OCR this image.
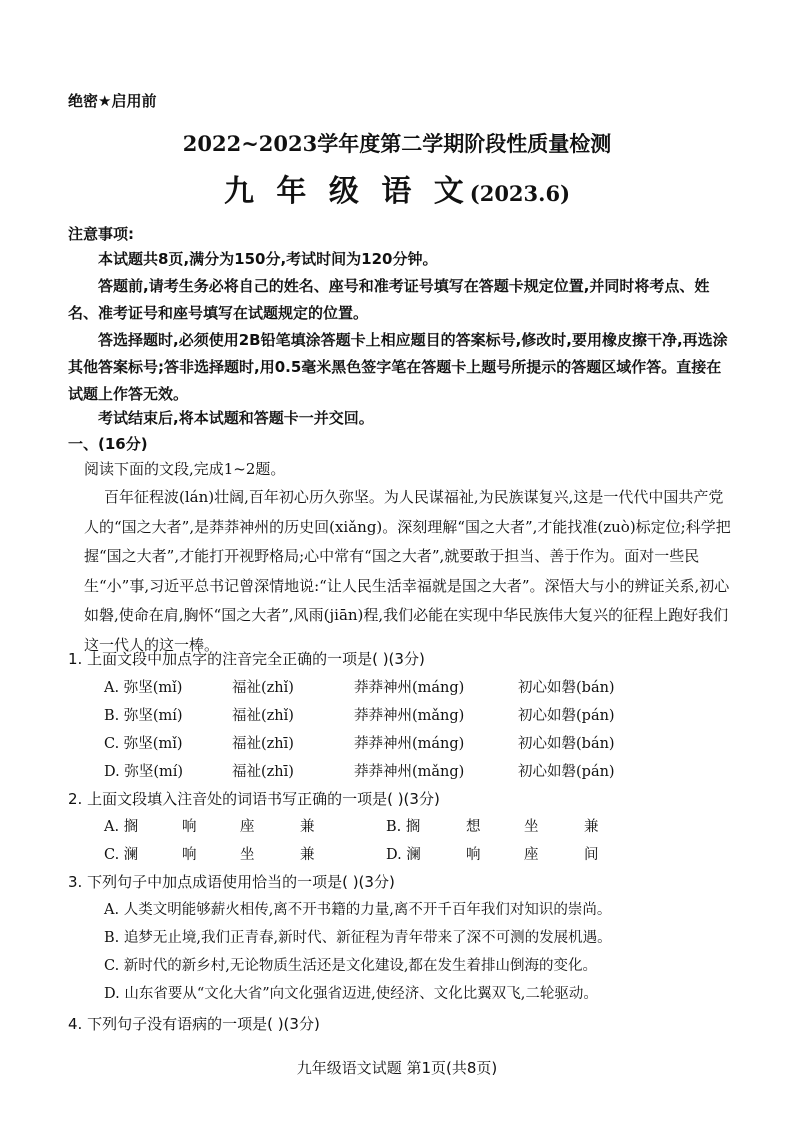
绝密★启用前
2022~2023学年度第二学期阶段性质量检测
九 年 级 语 文(2023.6)
注意事项:
本试题共8页,满分为150分,考试时间为120分钟。
答题前,请考生务必将自己的姓名、座号和准考证号填写在答题卡规定位置,并同时将考点、姓名、准考证号和座号填写在试题规定的位置。
答选择题时,必须使用2B铅笔填涂答题卡上相应题目的答案标号,修改时,要用橡皮擦干净,再选涂其他答案标号;答非选择题时,用0.5毫米黑色签字笔在答题卡上题号所提示的答题区域作答。直接在试题上作答无效。
考试结束后,将本试题和答题卡一并交回。
一、(16分)
阅读下面的文段,完成1~2题。
百年征程波(lán)壮阔,百年初心历久弥坚。为人民谋福祉,为民族谋复兴,这是一代代中国共产党人的“国之大者”,是莽莽神州的历史回(xiǎng)。深刻理解“国之大者”,才能找准(zuò)标定位;科学把握“国之大者”,才能打开视野格局;心中常有“国之大者”,就要敢于担当、善于作为。面对一些民生“小”事,习近平总书记曾深情地说:“让人民生活幸福就是国之大者”。深悟大与小的辨证关系,初心如磐,使命在肩,胸怀“国之大者”,风雨(jiān)程,我们必能在实现中华民族伟大复兴的征程上跑好我们这一代人的这一棒。
1. 上面文段中加点字的注音完全正确的一项是( )(3分)
A. 弥坚(mǐ)	福祉(zhǐ)	莽莽神州(máng)	初心如磐(bán)
B. 弥坚(mí)	福祉(zhǐ)	莽莽神州(mǎng)	初心如磐(pán)
C. 弥坚(mǐ)	福祉(zhī)	莽莽神州(máng)	初心如磐(bán)
D. 弥坚(mí)	福祉(zhī)	莽莽神州(mǎng)	初心如磐(pán)
2. 上面文段填入注音处的词语书写正确的一项是( )(3分)
A. 搁	响	座	兼	B. 搁	想	坐	兼
C. 澜	响	坐	兼	D. 澜	响	座	间
3. 下列句子中加点成语使用恰当的一项是( )(3分)
A. 人类文明能够薪火相传,离不开书籍的力量,离不开千百年我们对知识的崇尚。
B. 追梦无止境,我们正青春,新时代、新征程为青年带来了深不可测的发展机遇。
C. 新时代的新乡村,无论物质生活还是文化建设,都在发生着排山倒海的变化。
D. 山东省要从“文化大省”向文化强省迈进,使经济、文化比翼双飞,二轮驱动。
4. 下列句子没有语病的一项是( )(3分)
九年级语文试题 第1页(共8页)
